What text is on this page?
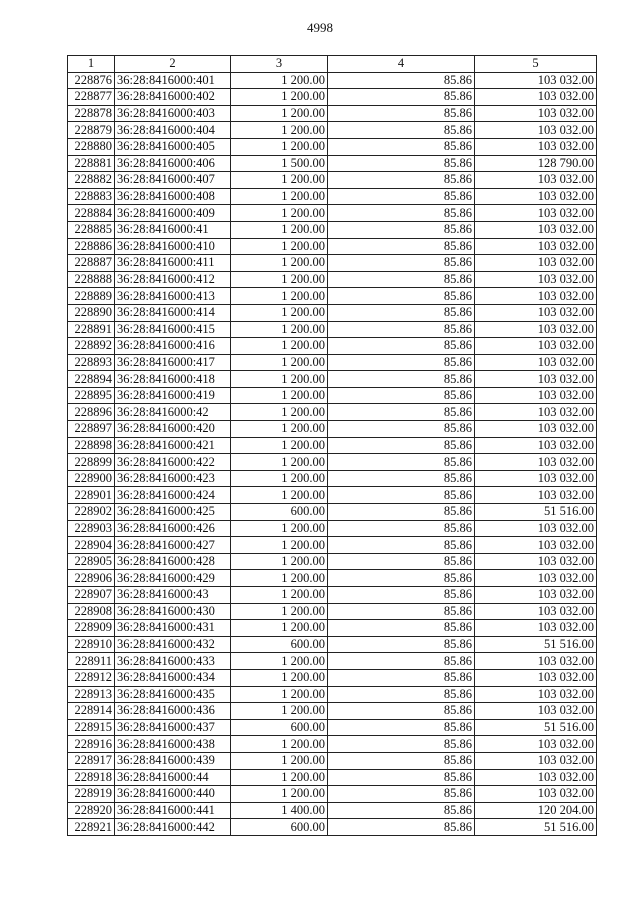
4998
1	2	3	4	5
228876	36:28:8416000:401	1 200.00	85.86	103 032.00
228877	36:28:8416000:402	1 200.00	85.86	103 032.00
228878	36:28:8416000:403	1 200.00	85.86	103 032.00
228879	36:28:8416000:404	1 200.00	85.86	103 032.00
228880	36:28:8416000:405	1 200.00	85.86	103 032.00
228881	36:28:8416000:406	1 500.00	85.86	128 790.00
228882	36:28:8416000:407	1 200.00	85.86	103 032.00
228883	36:28:8416000:408	1 200.00	85.86	103 032.00
228884	36:28:8416000:409	1 200.00	85.86	103 032.00
228885	36:28:8416000:41	1 200.00	85.86	103 032.00
228886	36:28:8416000:410	1 200.00	85.86	103 032.00
228887	36:28:8416000:411	1 200.00	85.86	103 032.00
228888	36:28:8416000:412	1 200.00	85.86	103 032.00
228889	36:28:8416000:413	1 200.00	85.86	103 032.00
228890	36:28:8416000:414	1 200.00	85.86	103 032.00
228891	36:28:8416000:415	1 200.00	85.86	103 032.00
228892	36:28:8416000:416	1 200.00	85.86	103 032.00
228893	36:28:8416000:417	1 200.00	85.86	103 032.00
228894	36:28:8416000:418	1 200.00	85.86	103 032.00
228895	36:28:8416000:419	1 200.00	85.86	103 032.00
228896	36:28:8416000:42	1 200.00	85.86	103 032.00
228897	36:28:8416000:420	1 200.00	85.86	103 032.00
228898	36:28:8416000:421	1 200.00	85.86	103 032.00
228899	36:28:8416000:422	1 200.00	85.86	103 032.00
228900	36:28:8416000:423	1 200.00	85.86	103 032.00
228901	36:28:8416000:424	1 200.00	85.86	103 032.00
228902	36:28:8416000:425	600.00	85.86	51 516.00
228903	36:28:8416000:426	1 200.00	85.86	103 032.00
228904	36:28:8416000:427	1 200.00	85.86	103 032.00
228905	36:28:8416000:428	1 200.00	85.86	103 032.00
228906	36:28:8416000:429	1 200.00	85.86	103 032.00
228907	36:28:8416000:43	1 200.00	85.86	103 032.00
228908	36:28:8416000:430	1 200.00	85.86	103 032.00
228909	36:28:8416000:431	1 200.00	85.86	103 032.00
228910	36:28:8416000:432	600.00	85.86	51 516.00
228911	36:28:8416000:433	1 200.00	85.86	103 032.00
228912	36:28:8416000:434	1 200.00	85.86	103 032.00
228913	36:28:8416000:435	1 200.00	85.86	103 032.00
228914	36:28:8416000:436	1 200.00	85.86	103 032.00
228915	36:28:8416000:437	600.00	85.86	51 516.00
228916	36:28:8416000:438	1 200.00	85.86	103 032.00
228917	36:28:8416000:439	1 200.00	85.86	103 032.00
228918	36:28:8416000:44	1 200.00	85.86	103 032.00
228919	36:28:8416000:440	1 200.00	85.86	103 032.00
228920	36:28:8416000:441	1 400.00	85.86	120 204.00
228921	36:28:8416000:442	600.00	85.86	51 516.00
